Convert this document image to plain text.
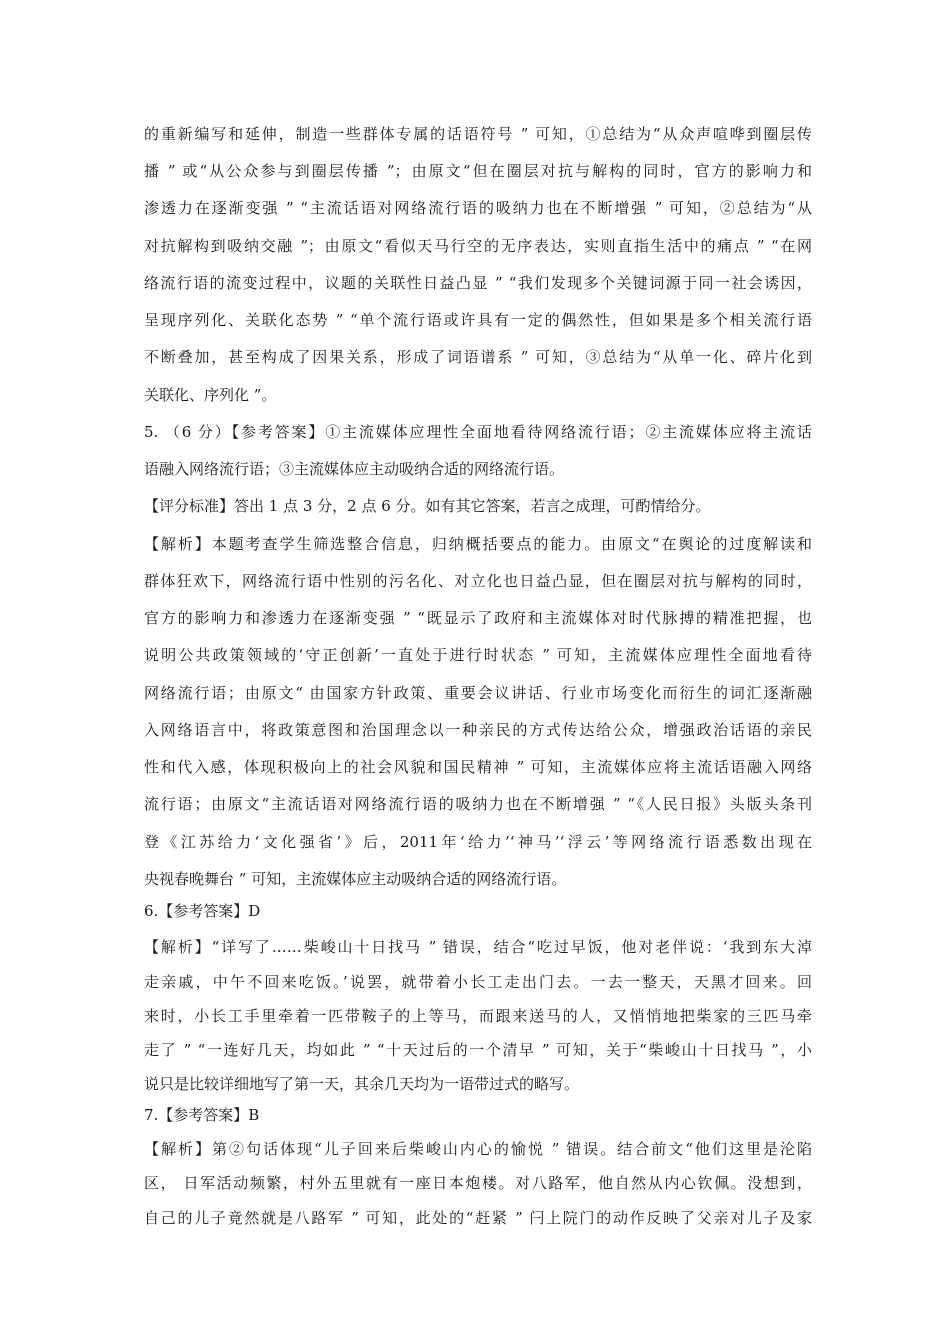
的重新编写和延伸，制造一些群体专属的话语符号 ” 可知，①总结为“从众声喧哗到圈层传
播 ” 或“从公众参与到圈层传播 ”；由原文“但在圈层对抗与解构的同时，官方的影响力和
渗透力在逐渐变强 ” “主流话语对网络流行语的吸纳力也在不断增强 ” 可知，②总结为“从
对抗解构到吸纳交融 ”；由原文“看似天马行空的无序表达，实则直指生活中的痛点 ” “在网
络流行语的流变过程中，议题的关联性日益凸显 ” “我们发现多个关键词源于同一社会诱因，
呈现序列化、关联化态势 ” “单个流行语或许具有一定的偶然性，但如果是多个相关流行语
不断叠加，甚至构成了因果关系，形成了词语谱系 ” 可知，③总结为“从单一化、碎片化到
关联化、序列化 ”。
5. （6 分）【参考答案】①主流媒体应理性全面地看待网络流行语；②主流媒体应将主流话
语融入网络流行语；③主流媒体应主动吸纳合适的网络流行语。
【评分标准】答出 1 点 3 分，2 点 6 分。如有其它答案，若言之成理，可酌情给分。
【解析】本题考查学生筛选整合信息，归纳概括要点的能力。由原文“在舆论的过度解读和
群体狂欢下，网络流行语中性别的污名化、对立化也日益凸显，但在圈层对抗与解构的同时，
官方的影响力和渗透力在逐渐变强 ” “既显示了政府和主流媒体对时代脉搏的精准把握，也
说明公共政策领域的‘守正创新’一直处于进行时状态 ” 可知，主流媒体应理性全面地看待
网络流行语；由原文“ 由国家方针政策、重要会议讲话、行业市场变化而衍生的词汇逐渐融
入网络语言中，将政策意图和治国理念以一种亲民的方式传达给公众，增强政治话语的亲民
性和代入感，体现积极向上的社会风貌和国民精神 ” 可知，主流媒体应将主流话语融入网络
流行语；由原文“主流话语对网络流行语的吸纳力也在不断增强 ” “《人民日报》头版头条刊
登《江苏给力‘文化强省’》后，2011年‘给力’‘神马’‘浮云’等网络流行语悉数出现在
央视春晚舞台 ” 可知，主流媒体应主动吸纳合适的网络流行语。
6.【参考答案】D
【解析】“详写了……柴峻山十日找马 ” 错误，结合“吃过早饭，他对老伴说：‘我到东大淖
走亲戚，中午不回来吃饭。’说罢，就带着小长工走出门去。一去一整天，天黑才回来。回
来时，小长工手里牵着一匹带鞍子的上等马，而跟来送马的人，又悄悄地把柴家的三匹马牵
走了 ” “一连好几天，均如此 ” “十天过后的一个清早 ” 可知，关于“柴峻山十日找马 ”，小
说只是比较详细地写了第一天，其余几天均为一语带过式的略写。
7.【参考答案】B
【解析】第②句话体现“儿子回来后柴峻山内心的愉悦 ” 错误。结合前文“他们这里是沦陷
区， 日军活动频繁，村外五里就有一座日本炮楼。对八路军，他自然从内心钦佩。没想到，
自己的儿子竟然就是八路军 ” 可知，此处的“赶紧 ” 闩上院门的动作反映了父亲对儿子及家
